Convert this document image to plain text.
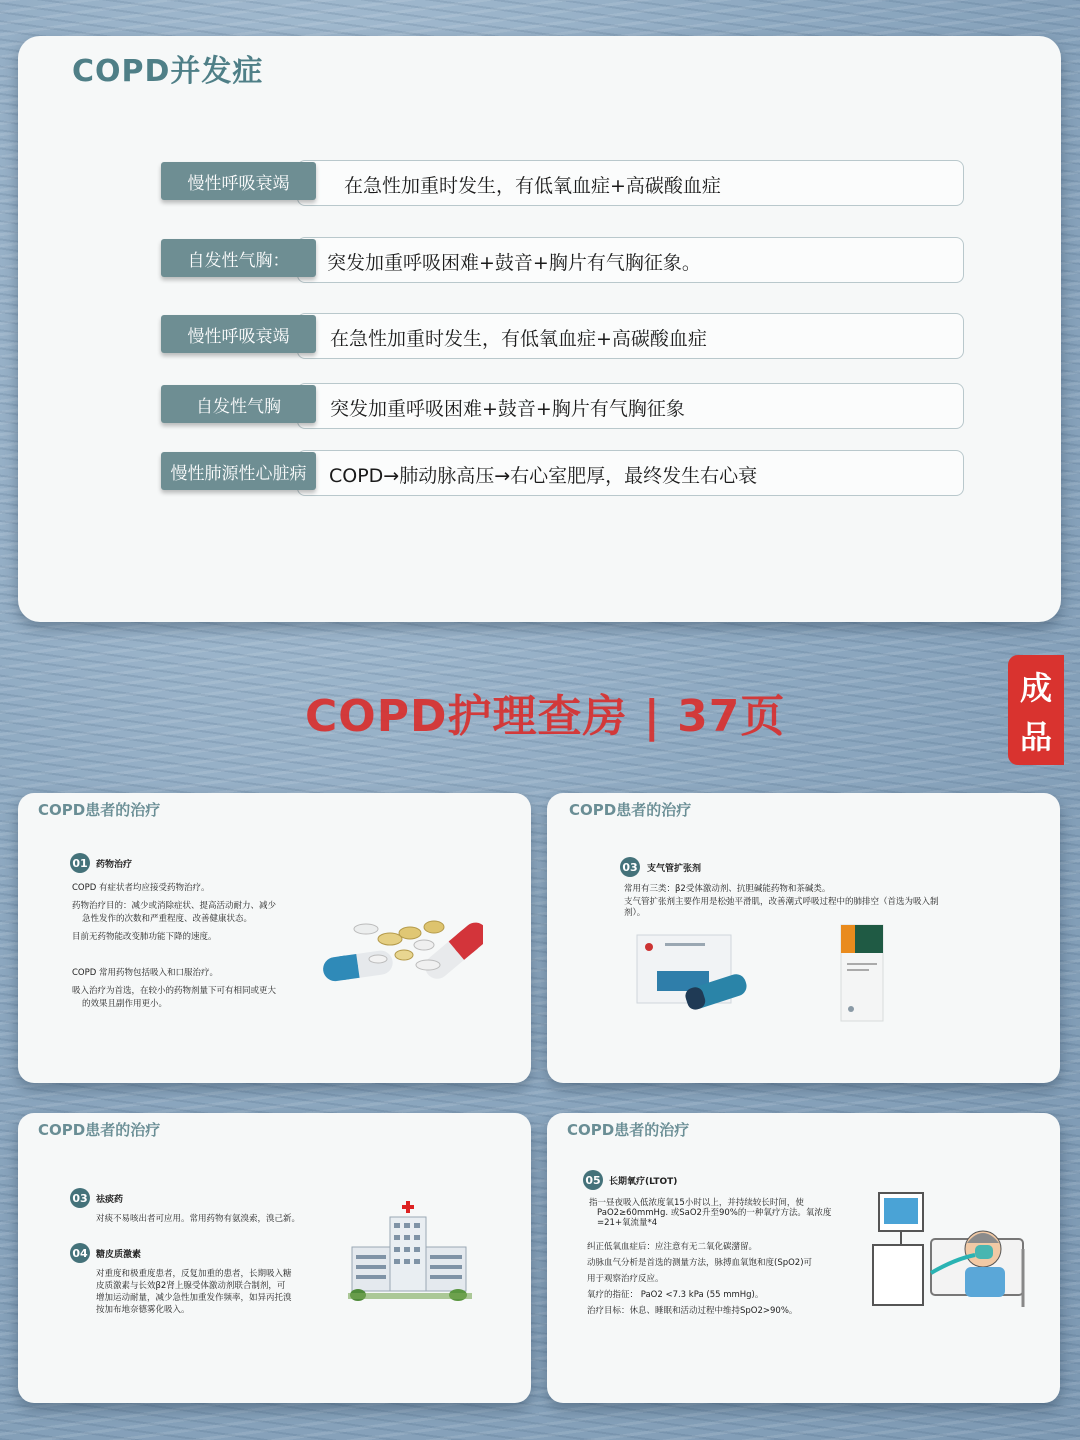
COPD并发症
慢性呼吸衰竭	在急性加重时发生，有低氧血症+高碳酸血症
自发性气胸：	突发加重呼吸困难+鼓音+胸片有气胸征象。
慢性呼吸衰竭	在急性加重时发生，有低氧血症+高碳酸血症
自发性气胸	突发加重呼吸困难+鼓音+胸片有气胸征象
慢性肺源性心脏病	COPD→肺动脉高压→右心室肥厚，最终发生右心衰
COPD护理查房 | 37页
成
品
COPD患者的治疗
01 药物治疗
COPD 有症状者均应接受药物治疗。
药物治疗目的：减少或消除症状、提高活动耐力、减少
急性发作的次数和严重程度、改善健康状态。
目前无药物能改变肺功能下降的速度。
COPD 常用药物包括吸入和口服治疗。
吸入治疗为首选，在较小的药物剂量下可有相同或更大
的效果且副作用更小。
COPD患者的治疗
03 支气管扩张剂
常用有三类：β2受体激动剂、抗胆碱能药物和茶碱类。
支气管扩张剂主要作用是松弛平滑肌，改善潮式呼吸过程中的肺排空（首选为吸入制
剂）。
COPD患者的治疗
03 祛痰药
对痰不易咳出者可应用。常用药物有氨溴索，溴己新。
04 糖皮质激素
对重度和极重度患者，反复加重的患者，长期吸入糖
皮质激素与长效β2肾上腺受体激动剂联合制剂，可
增加运动耐量，减少急性加重发作频率，如异丙托溴
按加布地奈德雾化吸入。
COPD患者的治疗
05 长期氧疗(LTOT)
指一昼夜吸入低浓度氧15小时以上，并持续较长时间，使
PaO2≥60mmHg. 或SaO2升至90%的一种氧疗方法。氧浓度
=21+氧流量*4
纠正低氧血症后：应注意有无二氧化碳潴留。
动脉血气分析是首选的测量方法，脉搏血氧饱和度(SpO2)可
用于观察治疗反应。
氧疗的指征： PaO2 <7.3 kPa (55 mmHg)。
治疗目标：休息、睡眠和活动过程中维持SpO2>90%。
